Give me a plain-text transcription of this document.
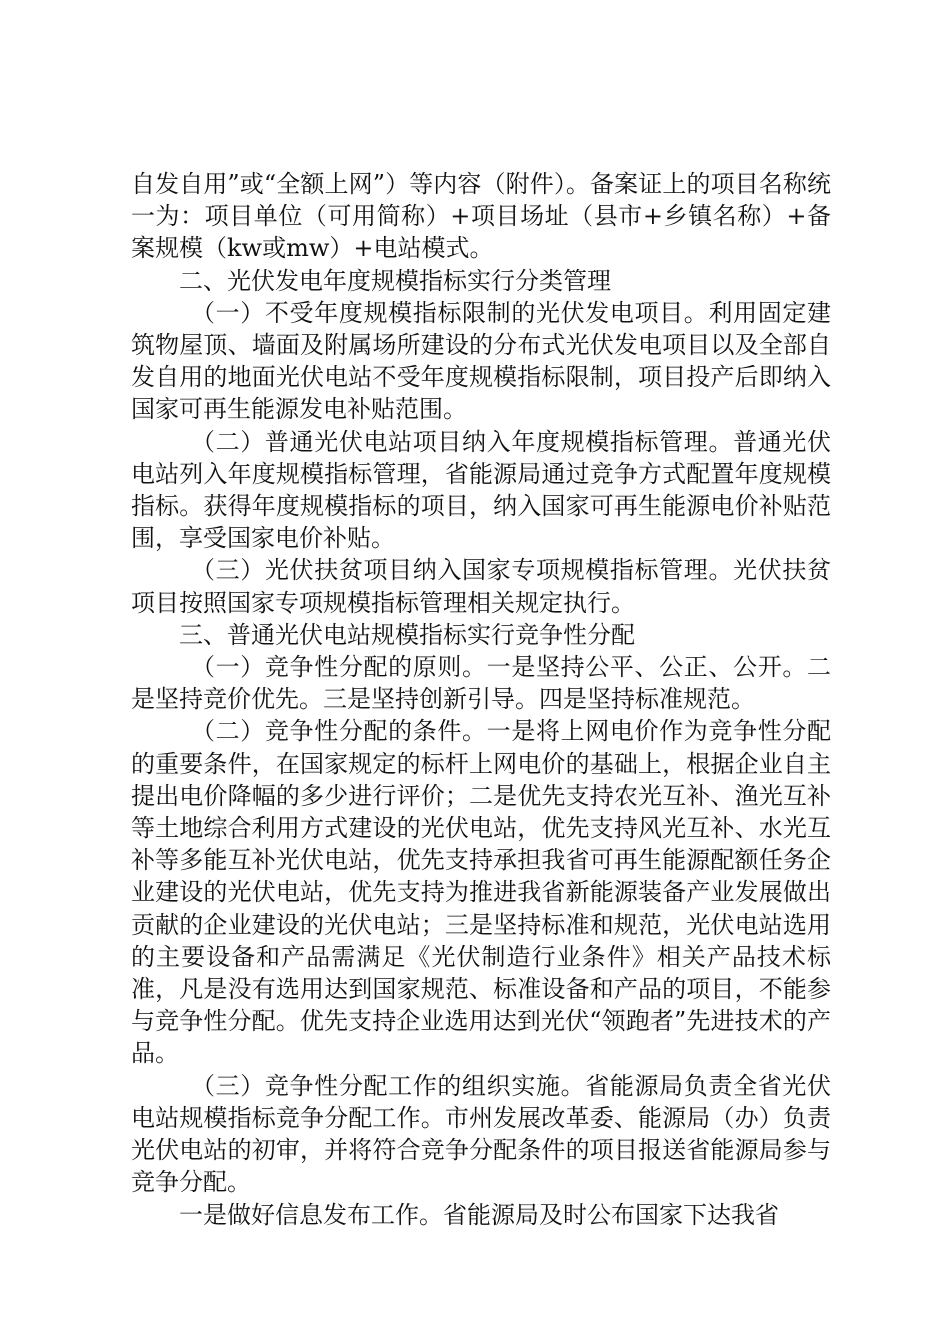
自发自用”或“全额上网”）等内容（附件）。备案证上的项目名称统一为：项目单位（可用简称）+项目场址（县市+乡镇名称）+备案规模（kw或mw）+电站模式。

二、光伏发电年度规模指标实行分类管理

（一）不受年度规模指标限制的光伏发电项目。利用固定建筑物屋顶、墙面及附属场所建设的分布式光伏发电项目以及全部自发自用的地面光伏电站不受年度规模指标限制，项目投产后即纳入国家可再生能源发电补贴范围。

（二）普通光伏电站项目纳入年度规模指标管理。普通光伏电站列入年度规模指标管理，省能源局通过竞争方式配置年度规模指标。获得年度规模指标的项目，纳入国家可再生能源电价补贴范围，享受国家电价补贴。

（三）光伏扶贫项目纳入国家专项规模指标管理。光伏扶贫项目按照国家专项规模指标管理相关规定执行。

三、普通光伏电站规模指标实行竞争性分配

（一）竞争性分配的原则。一是坚持公平、公正、公开。二是坚持竞价优先。三是坚持创新引导。四是坚持标准规范。

（二）竞争性分配的条件。一是将上网电价作为竞争性分配的重要条件，在国家规定的标杆上网电价的基础上，根据企业自主提出电价降幅的多少进行评价；二是优先支持农光互补、渔光互补等土地综合利用方式建设的光伏电站，优先支持风光互补、水光互补等多能互补光伏电站，优先支持承担我省可再生能源配额任务企业建设的光伏电站，优先支持为推进我省新能源装备产业发展做出贡献的企业建设的光伏电站；三是坚持标准和规范，光伏电站选用的主要设备和产品需满足《光伏制造行业条件》相关产品技术标准，凡是没有选用达到国家规范、标准设备和产品的项目，不能参与竞争性分配。优先支持企业选用达到光伏“领跑者”先进技术的产品。

（三）竞争性分配工作的组织实施。省能源局负责全省光伏电站规模指标竞争分配工作。市州发展改革委、能源局（办）负责光伏电站的初审，并将符合竞争分配条件的项目报送省能源局参与竞争分配。

一是做好信息发布工作。省能源局及时公布国家下达我省
